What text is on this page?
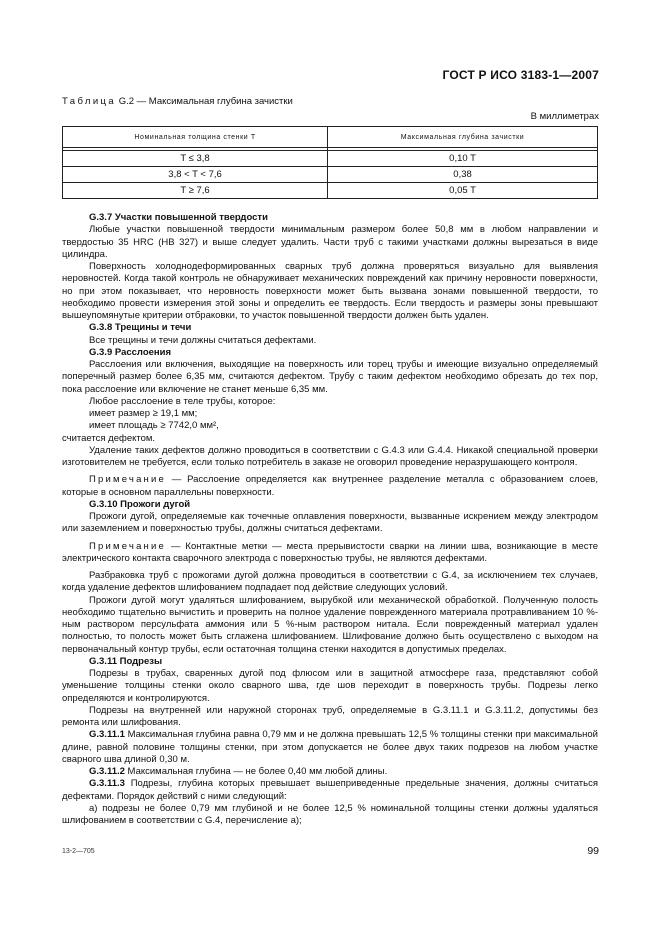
ГОСТ Р ИСО 3183-1—2007
Таблица G.2 — Максимальная глубина зачистки
В миллиметрах
Номинальная толщина стенки T	Максимальная глубина зачистки

T ≤ 3,8	0,10 T
3,8 < T < 7,6	0,38
T ≥ 7,6	0,05 T

G.3.7 Участки повышенной твердости

Любые участки повышенной твердости минимальным размером более 50,8 мм в любом направлении и твердостью 35 HRC (HB 327) и выше следует удалить. Части труб с такими участками должны вырезаться в виде цилиндра.

Поверхность холоднодеформированных сварных труб должна проверяться визуально для выявления неровностей. Когда такой контроль не обнаруживает механических повреждений как причину неровности поверхности, но при этом показывает, что неровность поверхности может быть вызвана зонами повышенной твердости, то необходимо провести измерения этой зоны и определить ее твердость. Если твердость и размеры зоны превышают вышеупомянутые критерии отбраковки, то участок повышенной твердости должен быть удален.

G.3.8 Трещины и течи

Все трещины и течи должны считаться дефектами.

G.3.9 Расслоения

Расслоения или включения, выходящие на поверхность или торец трубы и имеющие визуально определяемый поперечный размер более 6,35 мм, считаются дефектом. Трубу с таким дефектом необходимо обрезать до тех пор, пока расслоение или включение не станет меньше 6,35 мм.

Любое расслоение в теле трубы, которое:

имеет размер ≥ 19,1 мм;

имеет площадь ≥ 7742,0 мм²,

считается дефектом.

Удаление таких дефектов должно проводиться в соответствии с G.4.3 или G.4.4. Никакой специальной проверки изготовителем не требуется, если только потребитель в заказе не оговорил проведение неразрушающего контроля.

Примечание — Расслоение определяется как внутреннее разделение металла с образованием слоев, которые в основном параллельны поверхности.

G.3.10 Прожоги дугой

Прожоги дугой, определяемые как точечные оплавления поверхности, вызванные искрением между электродом или заземлением и поверхностью трубы, должны считаться дефектами.

Примечание — Контактные метки — места прерывистости сварки на линии шва, возникающие в месте электрического контакта сварочного электрода с поверхностью трубы, не являются дефектами.

Разбраковка труб с прожогами дугой должна проводиться в соответствии с G.4, за исключением тех случаев, когда удаление дефектов шлифованием подпадает под действие следующих условий.

Прожоги дугой могут удаляться шлифованием, вырубкой или механической обработкой. Полученную полость необходимо тщательно вычистить и проверить на полное удаление поврежденного материала протравливанием 10 %-ным раствором персульфата аммония или 5 %-ным раствором нитала. Если поврежденный материал удален полностью, то полость может быть сглажена шлифованием. Шлифование должно быть осуществлено с выходом на первоначальный контур трубы, если остаточная толщина стенки находится в допустимых пределах.

G.3.11 Подрезы

Подрезы в трубах, сваренных дугой под флюсом или в защитной атмосфере газа, представляют собой уменьшение толщины стенки около сварного шва, где шов переходит в поверхность трубы. Подрезы легко определяются и контролируются.

Подрезы на внутренней или наружной сторонах труб, определяемые в G.3.11.1 и G.3.11.2, допустимы без ремонта или шлифования.

G.3.11.1 Максимальная глубина равна 0,79 мм и не должна превышать 12,5 % толщины стенки при максимальной длине, равной половине толщины стенки, при этом допускается не более двух таких подрезов на любом участке сварного шва длиной 0,30 м.

G.3.11.2 Максимальная глубина — не более 0,40 мм любой длины.

G.3.11.3 Подрезы, глубина которых превышает вышеприведенные предельные значения, должны считаться дефектами. Порядок действий с ними следующий:

а) подрезы не более 0,79 мм глубиной и не более 12,5 % номинальной толщины стенки должны удаляться шлифованием в соответствии с G.4, перечисление а);

13-2—705	99
